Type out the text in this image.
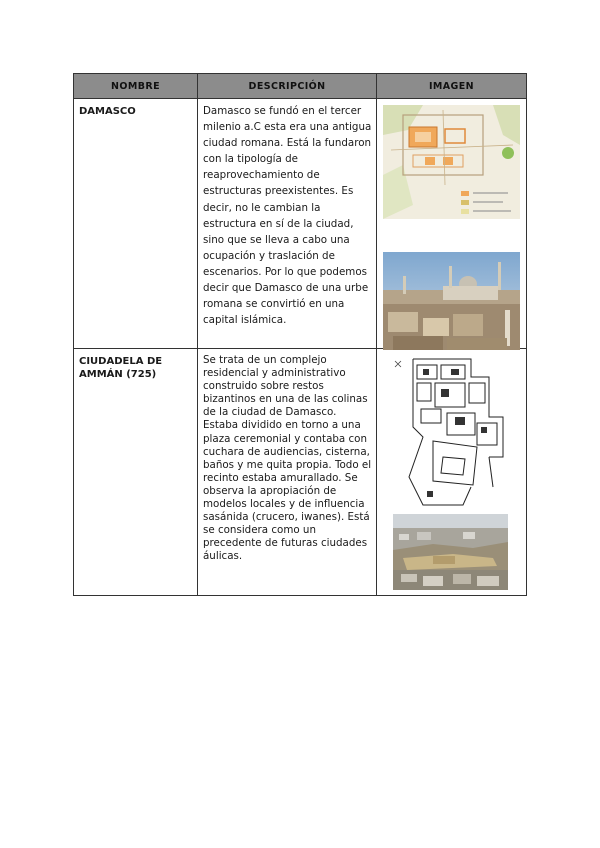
NOMBRE	DESCRIPCIÓN	IMAGEN
DAMASCO	Damasco se fundó en el tercer milenio a.C esta era una antigua ciudad romana. Está la fundaron con la tipología de reaprovechamiento de estructuras preexistentes. Es decir, no le cambian la estructura en sí de la ciudad, sino que se lleva a cabo una ocupación y traslación de escenarios. Por lo que podemos decir que Damasco de una urbe romana se convirtió en una capital islámica.	

CIUDADELA DE AMMÁN (725)	Se trata de un complejo residencial y administrativo construido sobre restos bizantinos en una de las colinas de la ciudad de Damasco. Estaba dividido en torno a una plaza ceremonial y contaba con cuchara de audiencias, cisterna, baños y me quita propia. Todo el recinto estaba amurallado. Se observa la apropiación de modelos locales y de influencia sasánida (crucero, iwanes). Está se considera como un precedente de futuras ciudades áulicas.	
